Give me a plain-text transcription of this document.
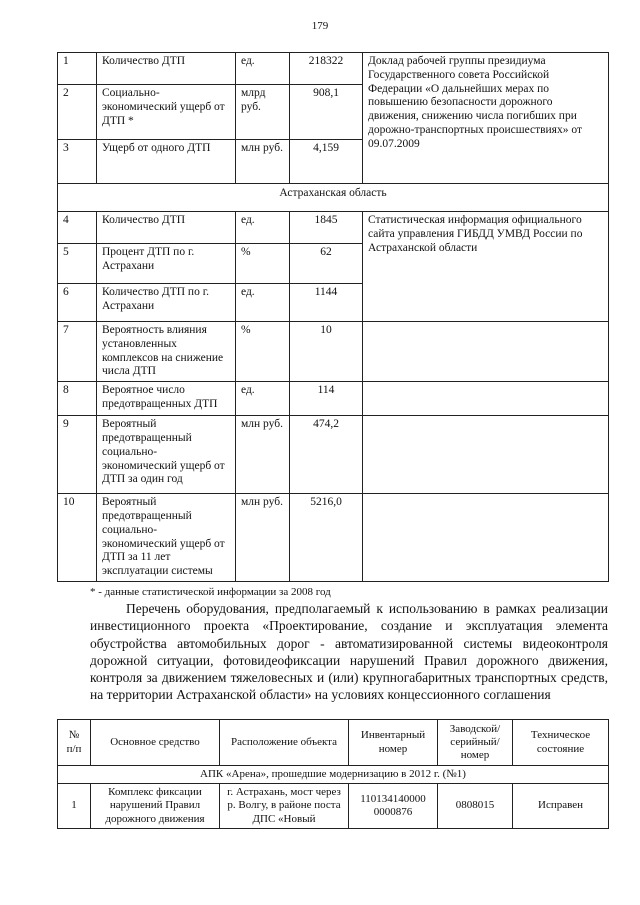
179
1	Количество ДТП	ед.	218322	Доклад рабочей группы президиума Государственного совета Российской Федерации «О дальнейших мерах по повышению безопасности дорожного движения, снижению числа погибших при дорожно-транспортных происшествиях» от 09.07.2009
2	Социально-экономический ущерб от ДТП *	млрд руб.	908,1	
3	Ущерб от одного ДТП	млн руб.	4,159	
Астраханская область				
4	Количество ДТП	ед.	1845	Статистическая информация официального сайта управления ГИБДД УМВД России по Астраханской области
5	Процент ДТП по г. Астрахани	%	62	
6	Количество ДТП по г. Астрахани	ед.	1144	
7	Вероятность влияния установленных комплексов на снижение числа ДТП	%	10	
8	Вероятное число предотвращенных ДТП	ед.	114	
9	Вероятный предотвращенный социально-экономический ущерб от ДТП за один год	млн руб.	474,2	
10	Вероятный предотвращенный социально-экономический ущерб от ДТП за 11 лет эксплуатации системы	млн руб.	5216,0	
* - данные статистической информации за 2008 год

Перечень оборудования, предполагаемый к использованию в рамках реализации инвестиционного проекта «Проектирование, создание и эксплуатация элемента обустройства автомобильных дорог - автоматизированной системы видеоконтроля дорожной ситуации, фотовидеофиксации нарушений Правил дорожного движения, контроля за движением тяжеловесных и (или) крупногабаритных транспортных средств, на территории Астраханской области» на условиях концессионного соглашения

№ п/п	Основное средство	Расположение объекта	Инвентарный номер	Заводской/ серийный/ номер	Техническое состояние
АПК «Арена», прошедшие модернизацию в 2012 г. (№1)					
1	Комплекс фиксации нарушений Правил дорожного движения	г. Астрахань, мост через р. Волгу, в районе поста ДПС «Новый	110134140000 0000876	0808015	Исправен
